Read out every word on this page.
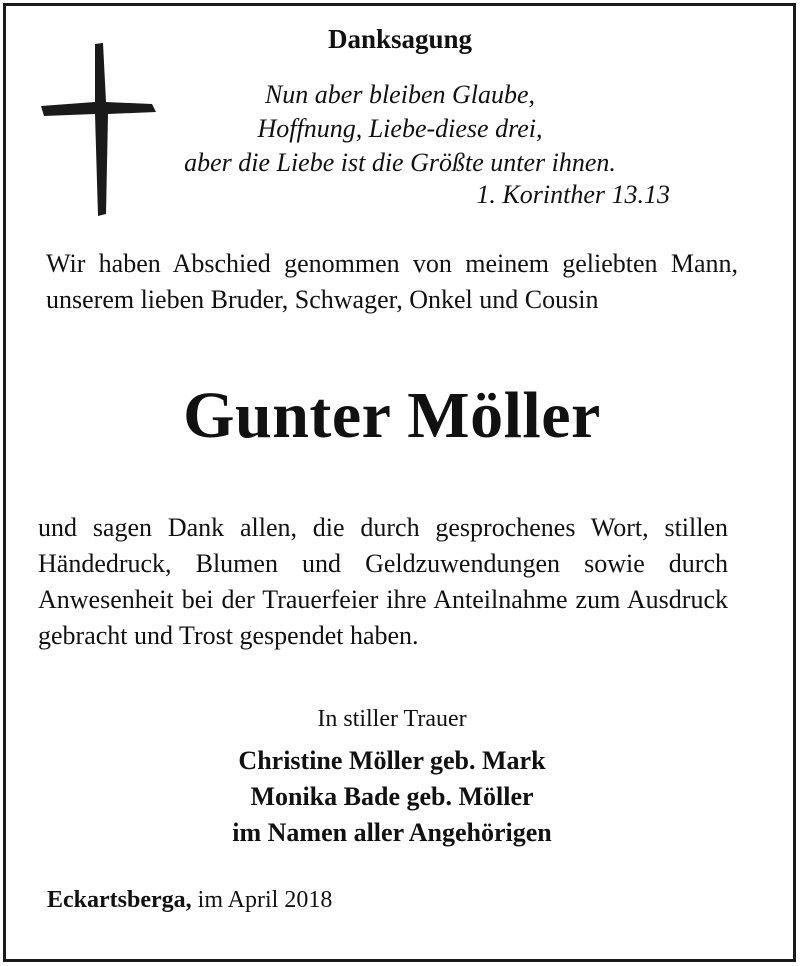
Danksagung
Nun aber bleiben Glaube,
Hoffnung, Liebe-diese drei,
aber die Liebe ist die Größte unter ihnen.
1. Korinther 13.13
Wir haben Abschied genommen von meinem geliebten Mann, unserem lieben Bruder, Schwager, Onkel und Cousin
Gunter Möller
und sagen Dank allen, die durch gesprochenes Wort, stillen Händedruck, Blumen und Geldzuwendungen sowie durch Anwesenheit bei der Trauerfeier ihre Anteilnahme zum Ausdruck gebracht und Trost gespendet haben.
In stiller Trauer
Christine Möller geb. Mark
Monika Bade geb. Möller
im Namen aller Angehörigen
Eckartsberga, im April 2018
